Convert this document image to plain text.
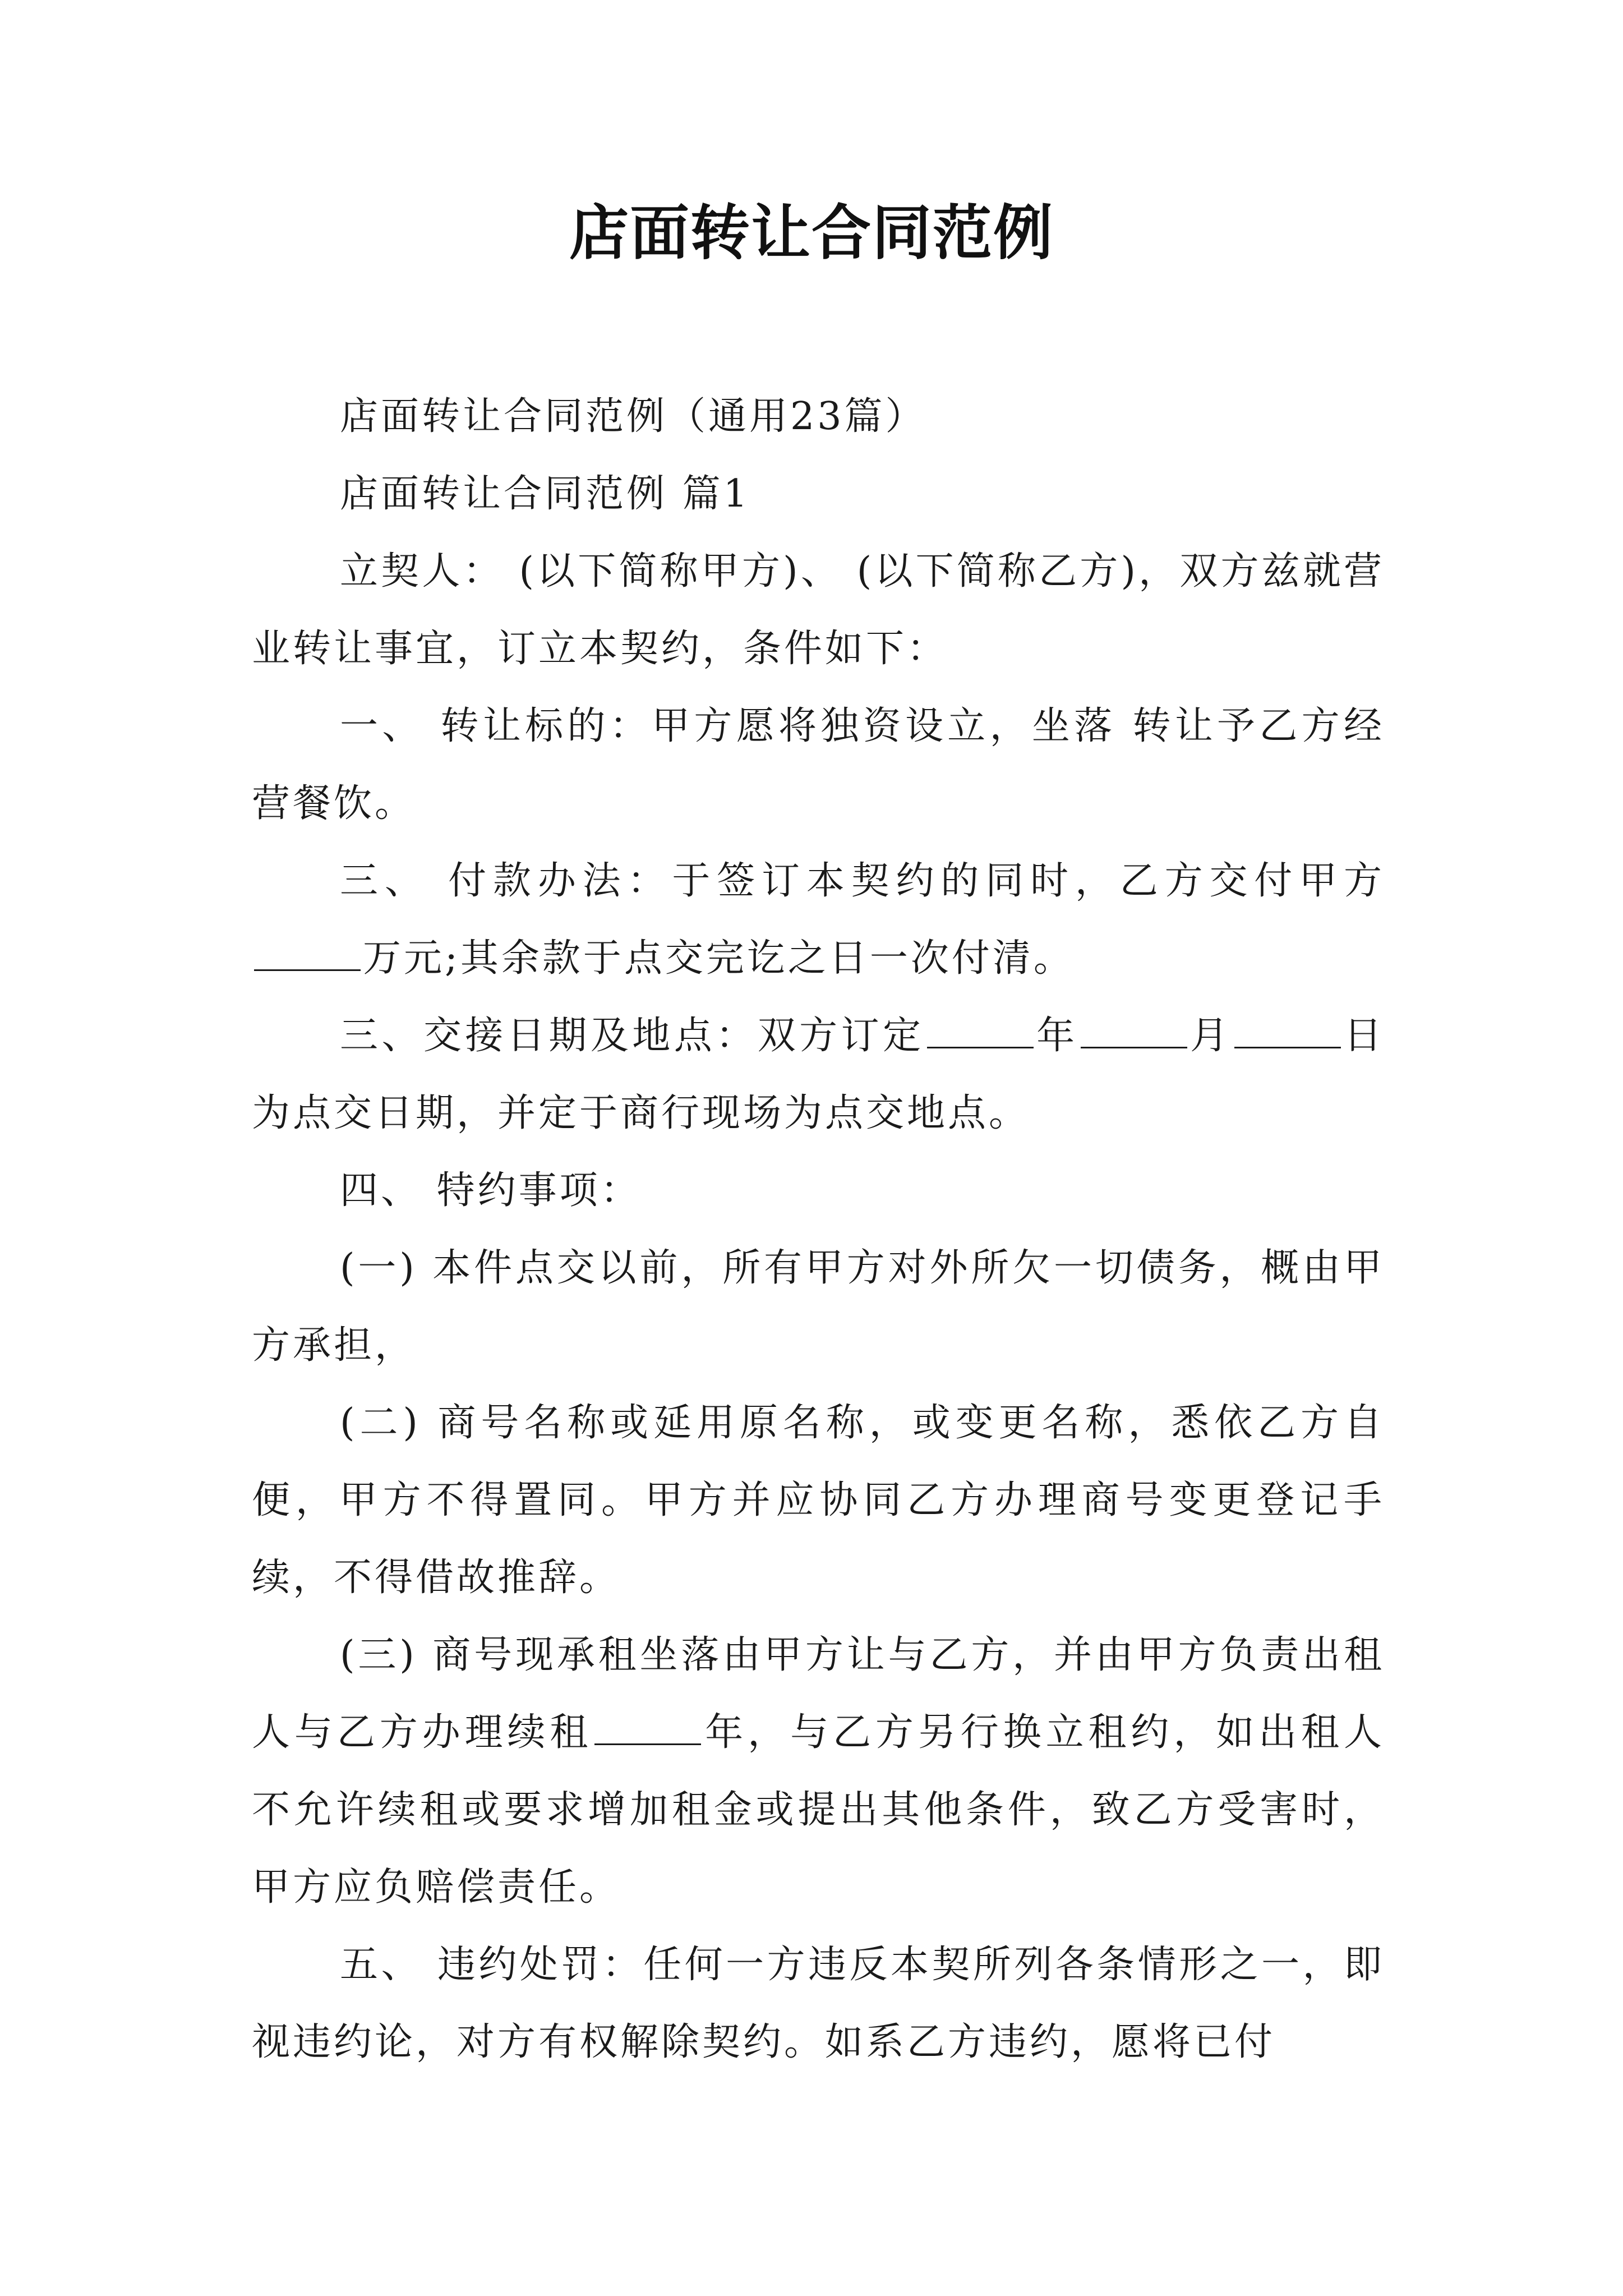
店面转让合同范例

店面转让合同范例（通用23篇）

店面转让合同范例 篇1

立契人： (以下简称甲方)、 (以下简称乙方)，双方兹就营业转让事宜，订立本契约，条件如下：

一、 转让标的：甲方愿将独资设立，坐落 转让予乙方经营餐饮。

三、 付款办法：于签订本契约的同时，乙方交付甲方万元;其余款于点交完讫之日一次付清。

三、交接日期及地点：双方订定	年	月	日为点交日期，并定于商行现场为点交地点。

四、 特约事项：

(一) 本件点交以前，所有甲方对外所欠一切债务，概由甲方承担，

(二) 商号名称或延用原名称，或变更名称，悉依乙方自便，甲方不得置同。甲方并应协同乙方办理商号变更登记手续，不得借故推辞。

(三) 商号现承租坐落由甲方让与乙方，并由甲方负责出租人与乙方办理续租	年，与乙方另行换立租约，如出租人不允许续租或要求增加租金或提出其他条件，致乙方受害时，甲方应负赔偿责任。

五、 违约处罚：任何一方违反本契所列各条情形之一，即视违约论，对方有权解除契约。如系乙方违约，愿将已付
